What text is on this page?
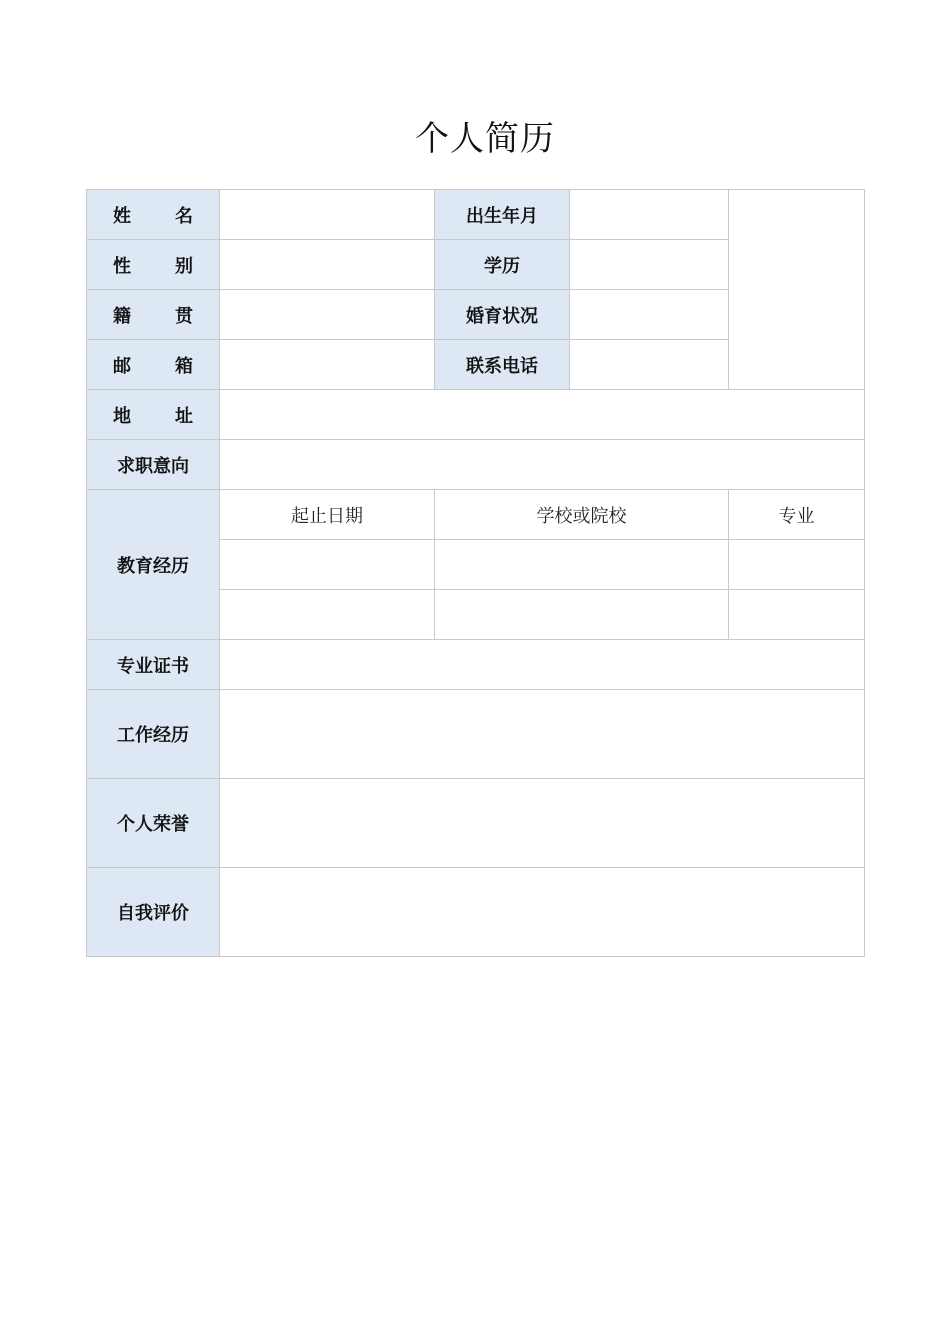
个人简历
姓 名		出生年月		

性 别		学历		

籍 贯		婚育状况		

邮 箱		联系电话		

地 址				

求职意向				
教育经历	起止日期	学校或院校		专业

专业证书				
工作经历				
个人荣誉				
自我评价				
